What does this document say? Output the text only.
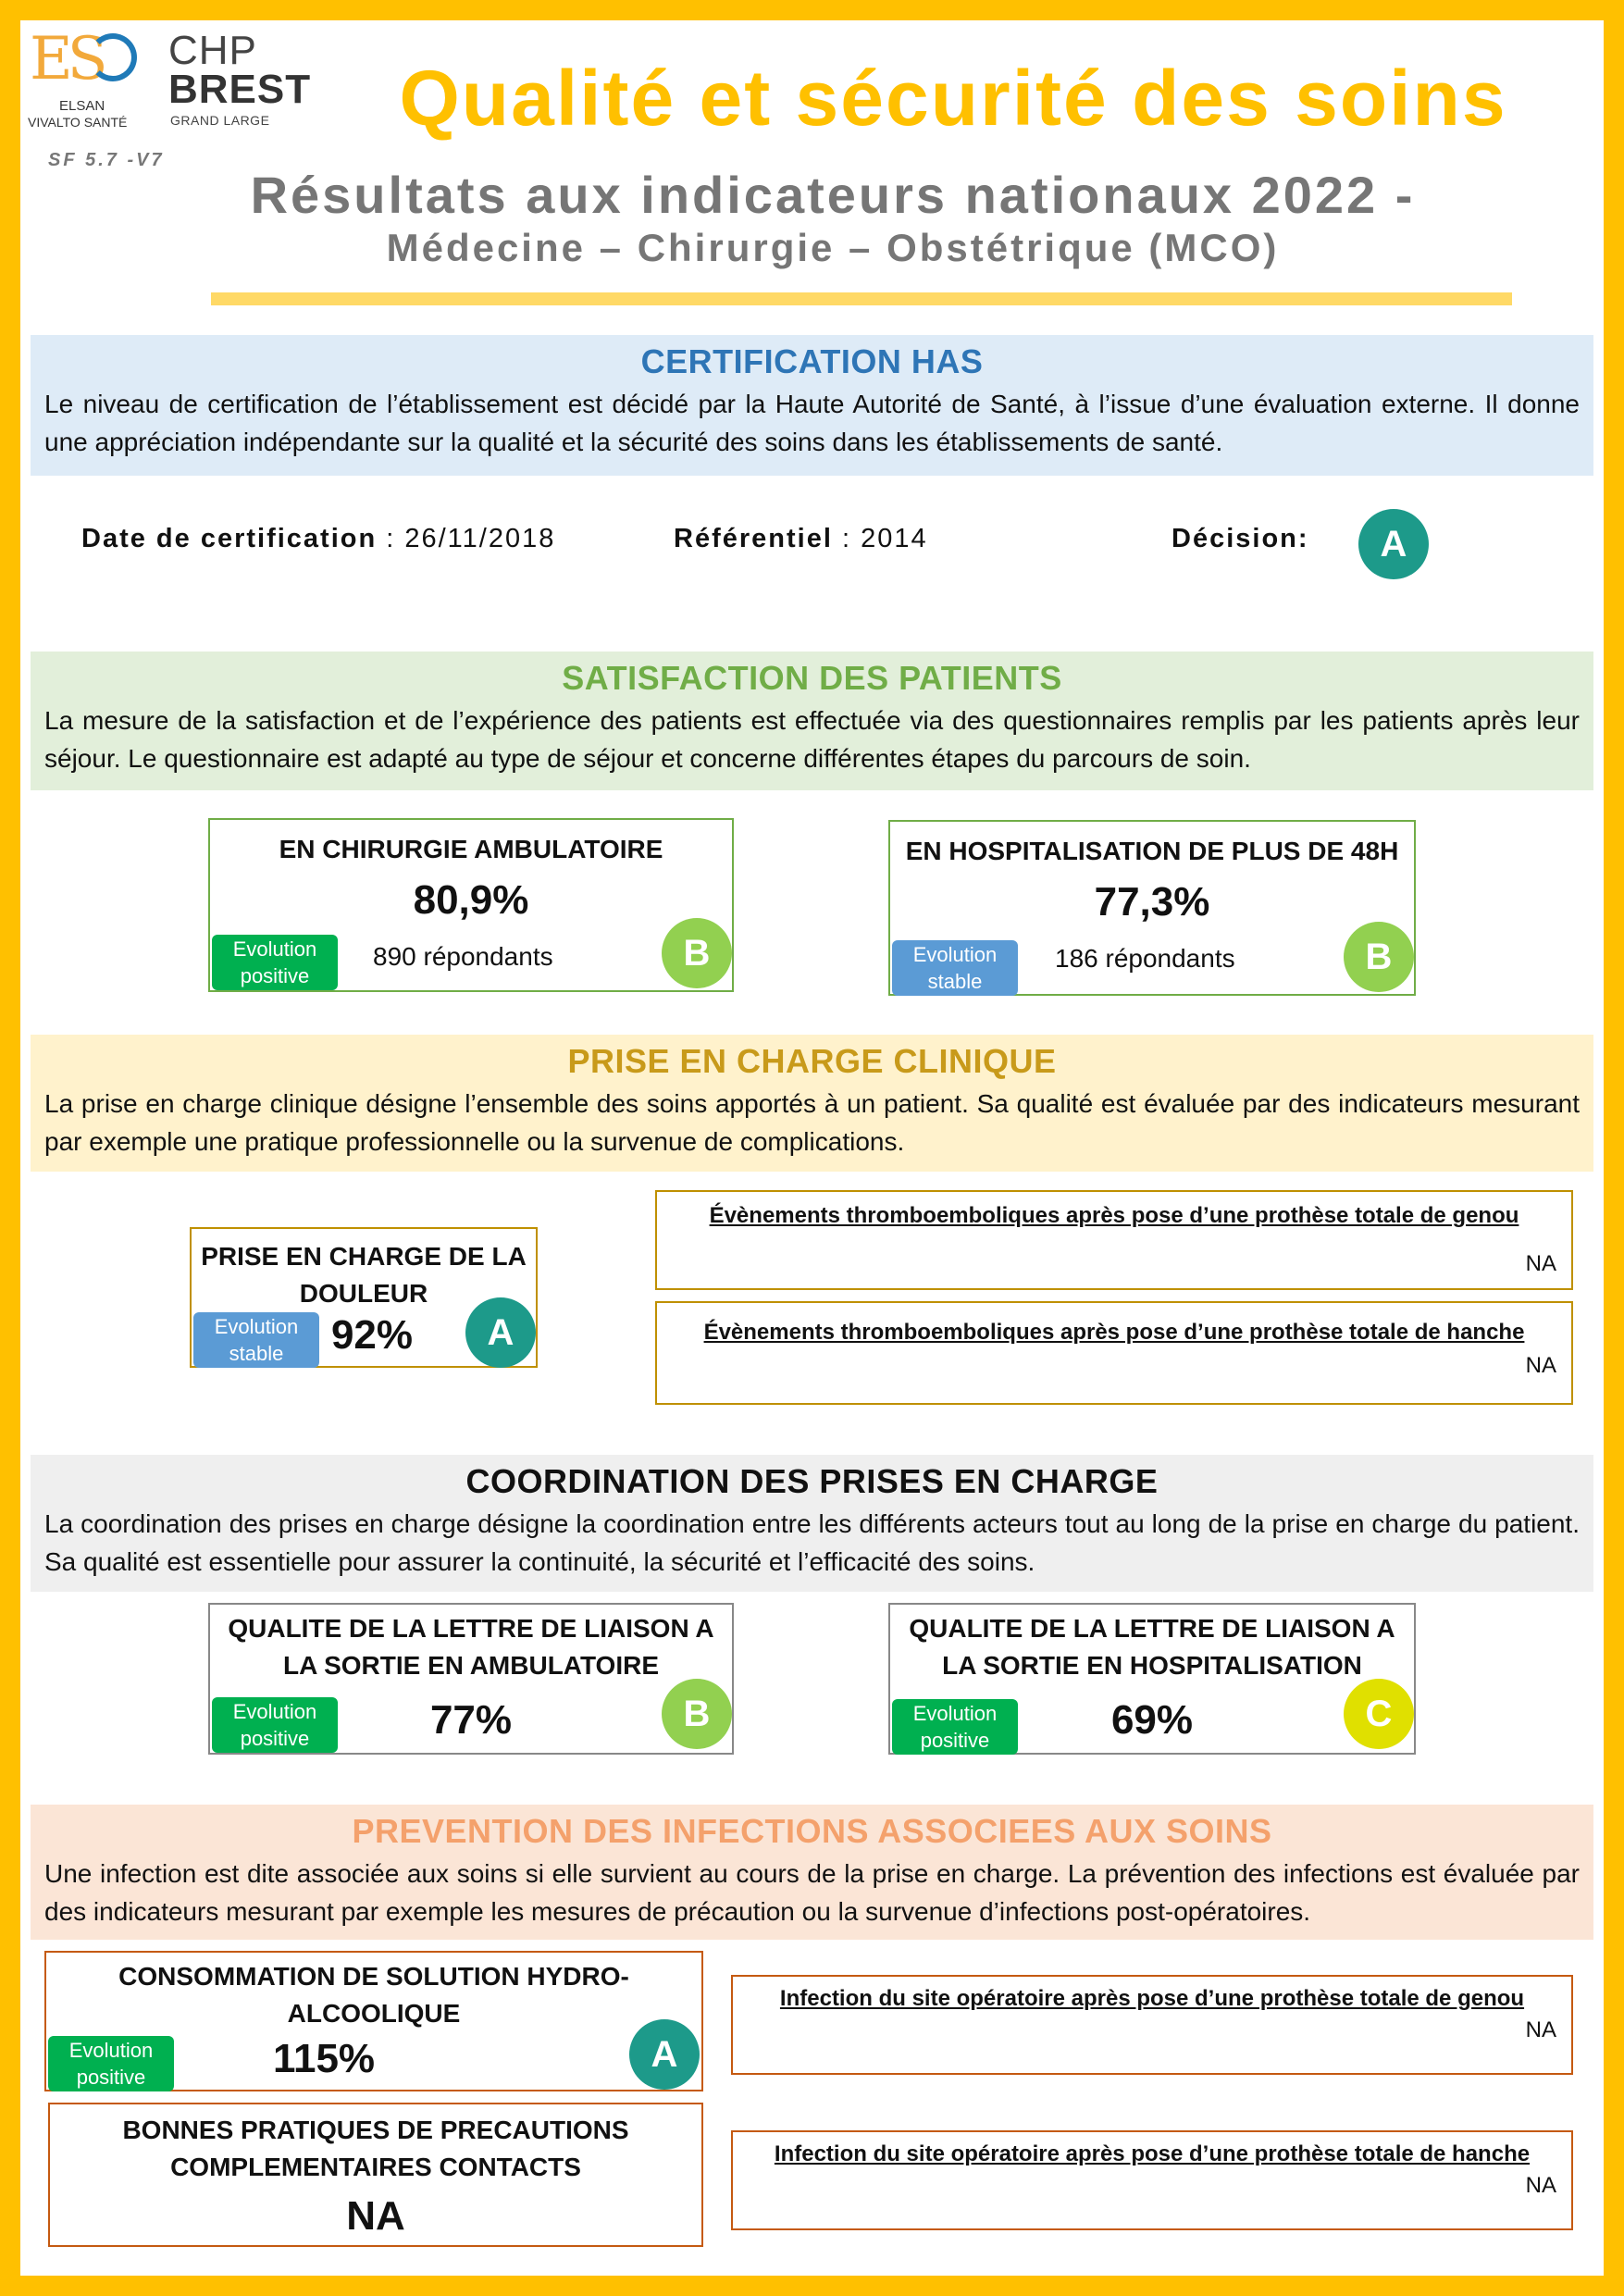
ES
ELSAN
VIVALTO SANTÉ
CHP
BREST
GRAND LARGE
SF 5.7 -V7
Qualité et sécurité des soins
Résultats aux indicateurs nationaux 2022 -
Médecine – Chirurgie – Obstétrique (MCO)
CERTIFICATION HAS

Le niveau de certification de l’établissement est décidé par la Haute Autorité de Santé, à l’issue d’une évaluation externe. Il donne une appréciation indépendante sur la qualité et la sécurité des soins dans les établissements de santé.

Date de certification : 26/11/2018	Référentiel : 2014	Décision:	A
SATISFACTION DES PATIENTS

La mesure de la satisfaction et de l’expérience des patients est effectuée via des questionnaires remplis par les patients après leur séjour. Le questionnaire est adapté au type de séjour et concerne différentes étapes du parcours de soin.

EN CHIRURGIE AMBULATOIRE
80,9%
Evolution
positive
890 répondants	B
EN HOSPITALISATION DE PLUS DE 48H
77,3%
Evolution
stable
186 répondants	B
PRISE EN CHARGE CLINIQUE

La prise en charge clinique désigne l’ensemble des soins apportés à un patient. Sa qualité est évaluée par des indicateurs mesurant par exemple une pratique professionnelle ou la survenue de complications.

PRISE EN CHARGE DE LA
DOULEUR
Evolution
stable	92%	A
Évènements thromboemboliques après pose d’une prothèse totale de genou
NA
Évènements thromboemboliques après pose d’une prothèse totale de hanche
NA
COORDINATION DES PRISES EN CHARGE

La coordination des prises en charge désigne la coordination entre les différents acteurs tout au long de la prise en charge du patient. Sa qualité est essentielle pour assurer la continuité, la sécurité et l’efficacité des soins.

QUALITE DE LA LETTRE DE LIAISON A
LA SORTIE EN AMBULATOIRE
Evolution
positive	77%	B
QUALITE DE LA LETTRE DE LIAISON A
LA SORTIE EN HOSPITALISATION
Evolution
positive	69%	C
PREVENTION DES INFECTIONS ASSOCIEES AUX SOINS

Une infection est dite associée aux soins si elle survient au cours de la prise en charge. La prévention des infections est évaluée par des indicateurs mesurant par exemple les mesures de précaution ou la survenue d’infections post-opératoires.

CONSOMMATION DE SOLUTION HYDRO-
ALCOOLIQUE
Evolution
positive	115%	A
BONNES PRATIQUES DE PRECAUTIONS
COMPLEMENTAIRES CONTACTS
NA
Infection du site opératoire après pose d’une prothèse totale de genou
NA
Infection du site opératoire après pose d’une prothèse totale de hanche
NA
